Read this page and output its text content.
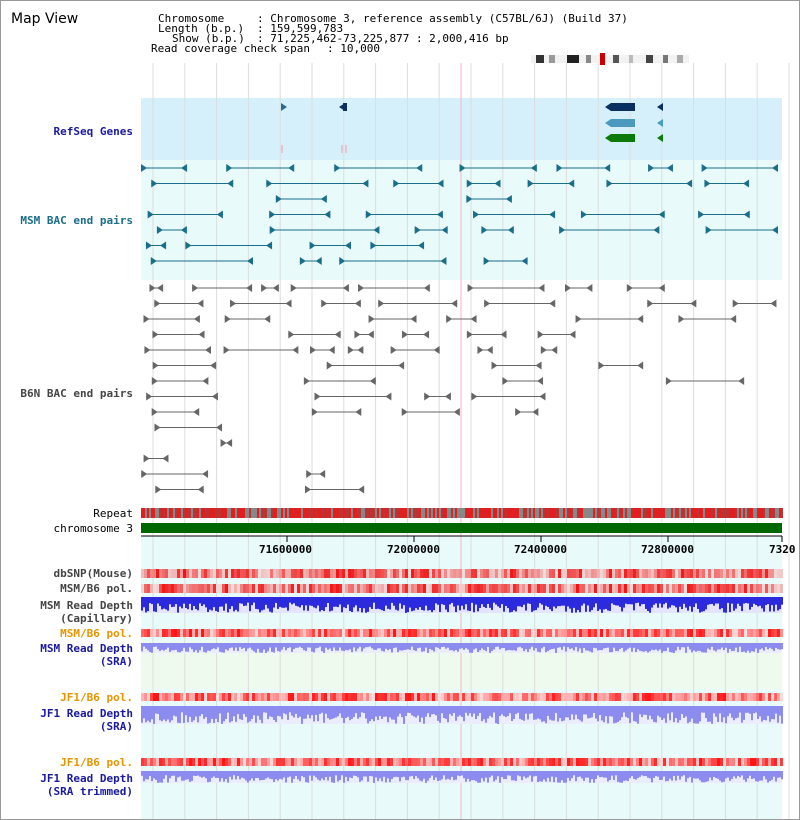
Map View	Chromosome	: Chromosome 3, reference assembly (C57BL/6J) (Build 37)
Length (b.p.) : 159,599,783
Show (b.p.) : 71,225,462-73,225,877 : 2,000,416 bp
Read coverage check span : 10,000
RefSeq Genes
MSM BAC end pairs
B6N BAC end pairs
Repeat
chromosome 3
dbSNP(Mouse)
MSM/B6 pol.
MSM Read Depth
(Capillary)
MSM/B6 pol.
MSM Read Depth
(SRA)
JF1/B6 pol.
JF1 Read Depth
(SRA)
JF1/B6 pol.
JF1 Read Depth
(SRA trimmed)
71600000	72000000	72400000	72800000	7320
